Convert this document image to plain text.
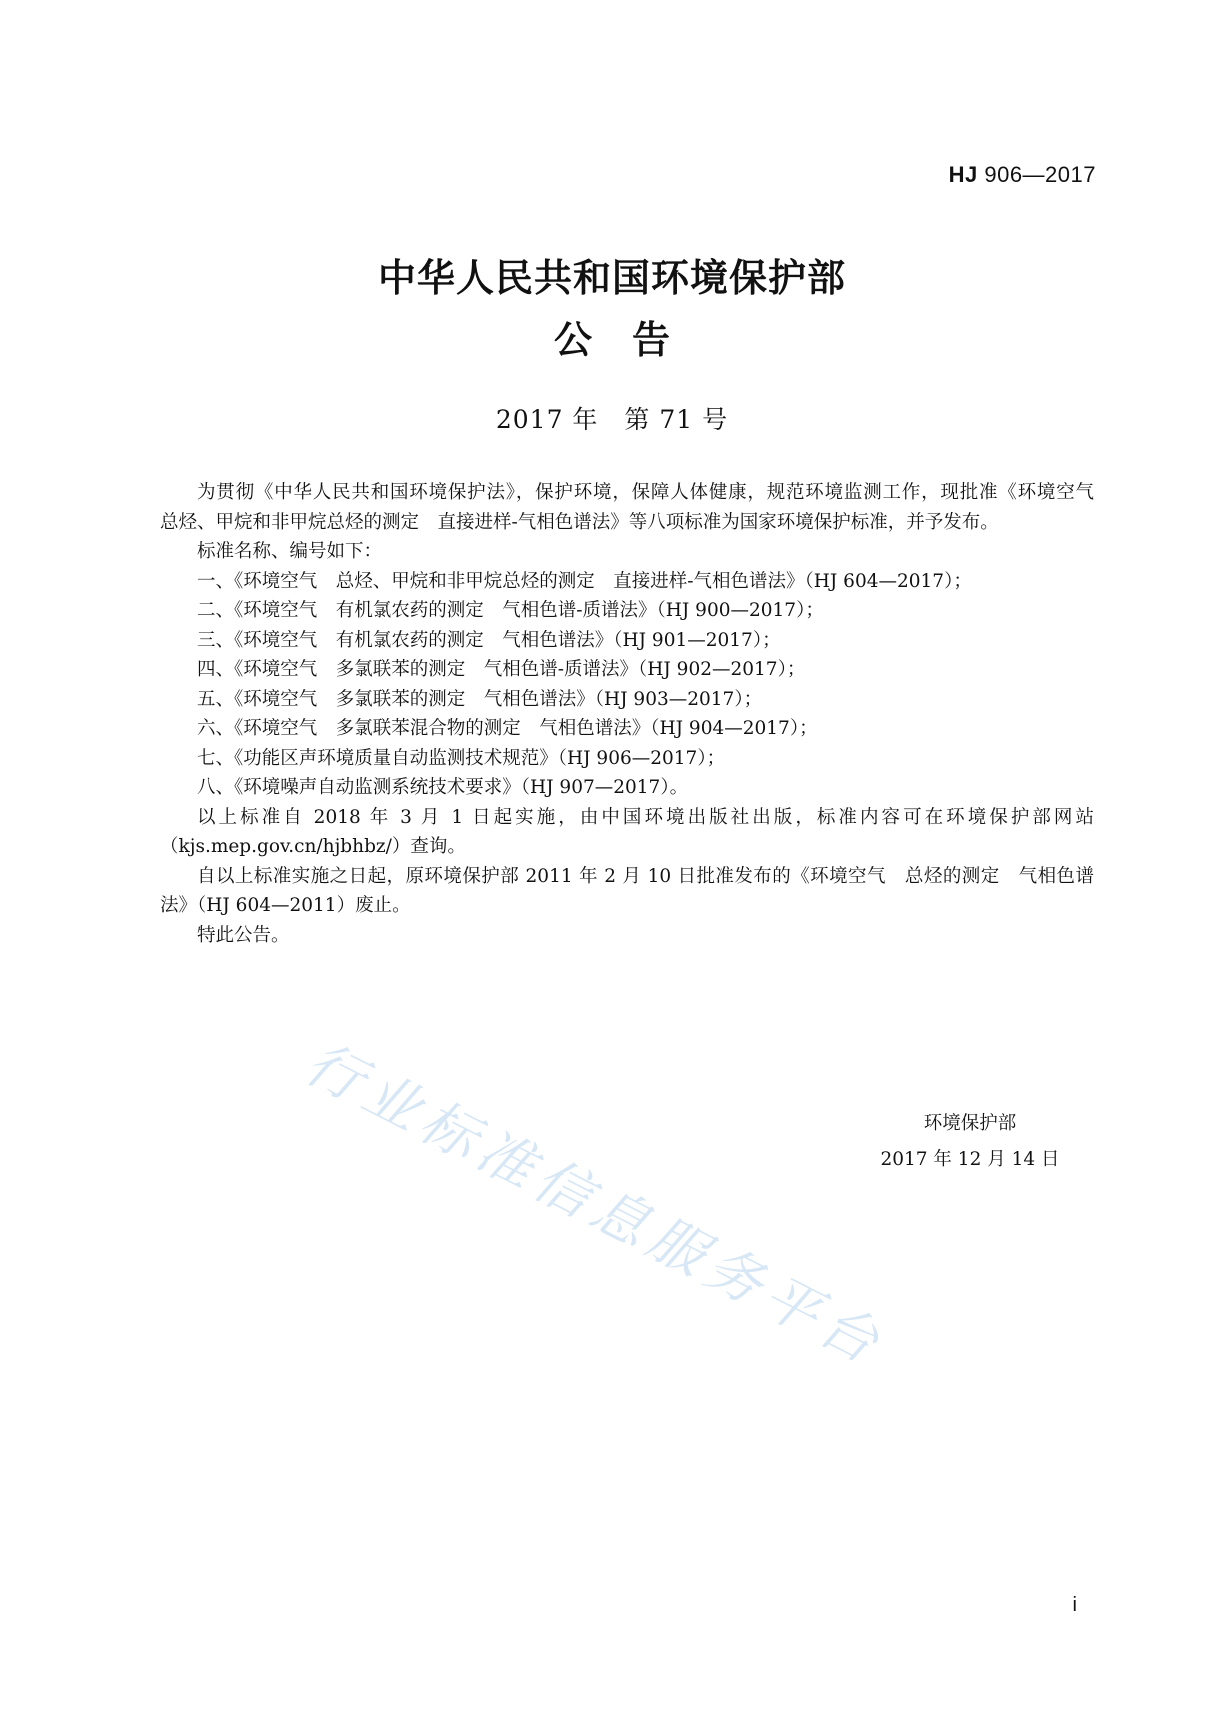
HJ 906—2017
中华人民共和国环境保护部
公告
2017 年　第 71 号

为贯彻《中华人民共和国环境保护法》，保护环境，保障人体健康，规范环境监测工作，现批准《环境空气　总烃、甲烷和非甲烷总烃的测定　直接进样-气相色谱法》等八项标准为国家环境保护标准，并予发布。

标准名称、编号如下：

一、《环境空气　总烃、甲烷和非甲烷总烃的测定　直接进样-气相色谱法》（HJ 604—2017）；

二、《环境空气　有机氯农药的测定　气相色谱-质谱法》（HJ 900—2017）；

三、《环境空气　有机氯农药的测定　气相色谱法》（HJ 901—2017）；

四、《环境空气　多氯联苯的测定　气相色谱-质谱法》（HJ 902—2017）；

五、《环境空气　多氯联苯的测定　气相色谱法》（HJ 903—2017）；

六、《环境空气　多氯联苯混合物的测定　气相色谱法》（HJ 904—2017）；

七、《功能区声环境质量自动监测技术规范》（HJ 906—2017）；

八、《环境噪声自动监测系统技术要求》（HJ 907—2017）。

以上标准自 2018 年 3 月 1 日起实施，由中国环境出版社出版，标准内容可在环境保护部网站（kjs.mep.gov.cn/hjbhbz/）查询。

自以上标准实施之日起，原环境保护部 2011 年 2 月 10 日批准发布的《环境空气　总烃的测定　气相色谱法》（HJ 604—2011）废止。

特此公告。

环境保护部
2017 年 12 月 14 日
行业标准信息服务平台
i
